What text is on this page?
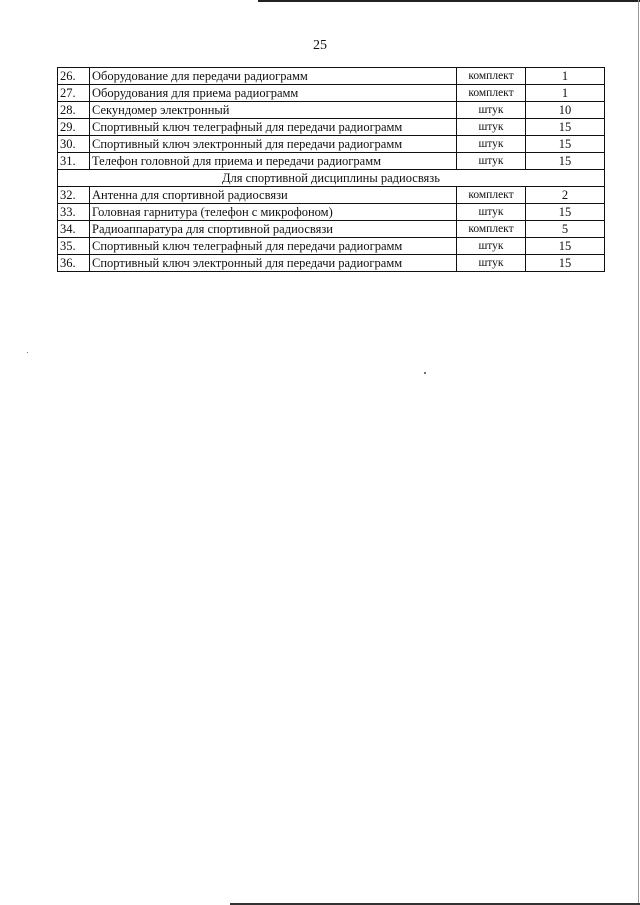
25
26.	Оборудование для передачи радиограмм	комплект	1
27.	Оборудования для приема радиограмм	комплект	1
28.	Секундомер электронный	штук	10
29.	Спортивный ключ телеграфный для передачи радиограмм	штук	15
30.	Спортивный ключ электронный для передачи радиограмм	штук	15
31.	Телефон головной для приема и передачи радиограмм	штук	15
Для спортивной дисциплины радиосвязь			
32.	Антенна для спортивной радиосвязи	комплект	2
33.	Головная гарнитура (телефон с микрофоном)	штук	15
34.	Радиоаппаратура для спортивной радиосвязи	комплект	5
35.	Спортивный ключ телеграфный для передачи радиограмм	штук	15
36.	Спортивный ключ электронный для передачи радиограмм	штук	15
